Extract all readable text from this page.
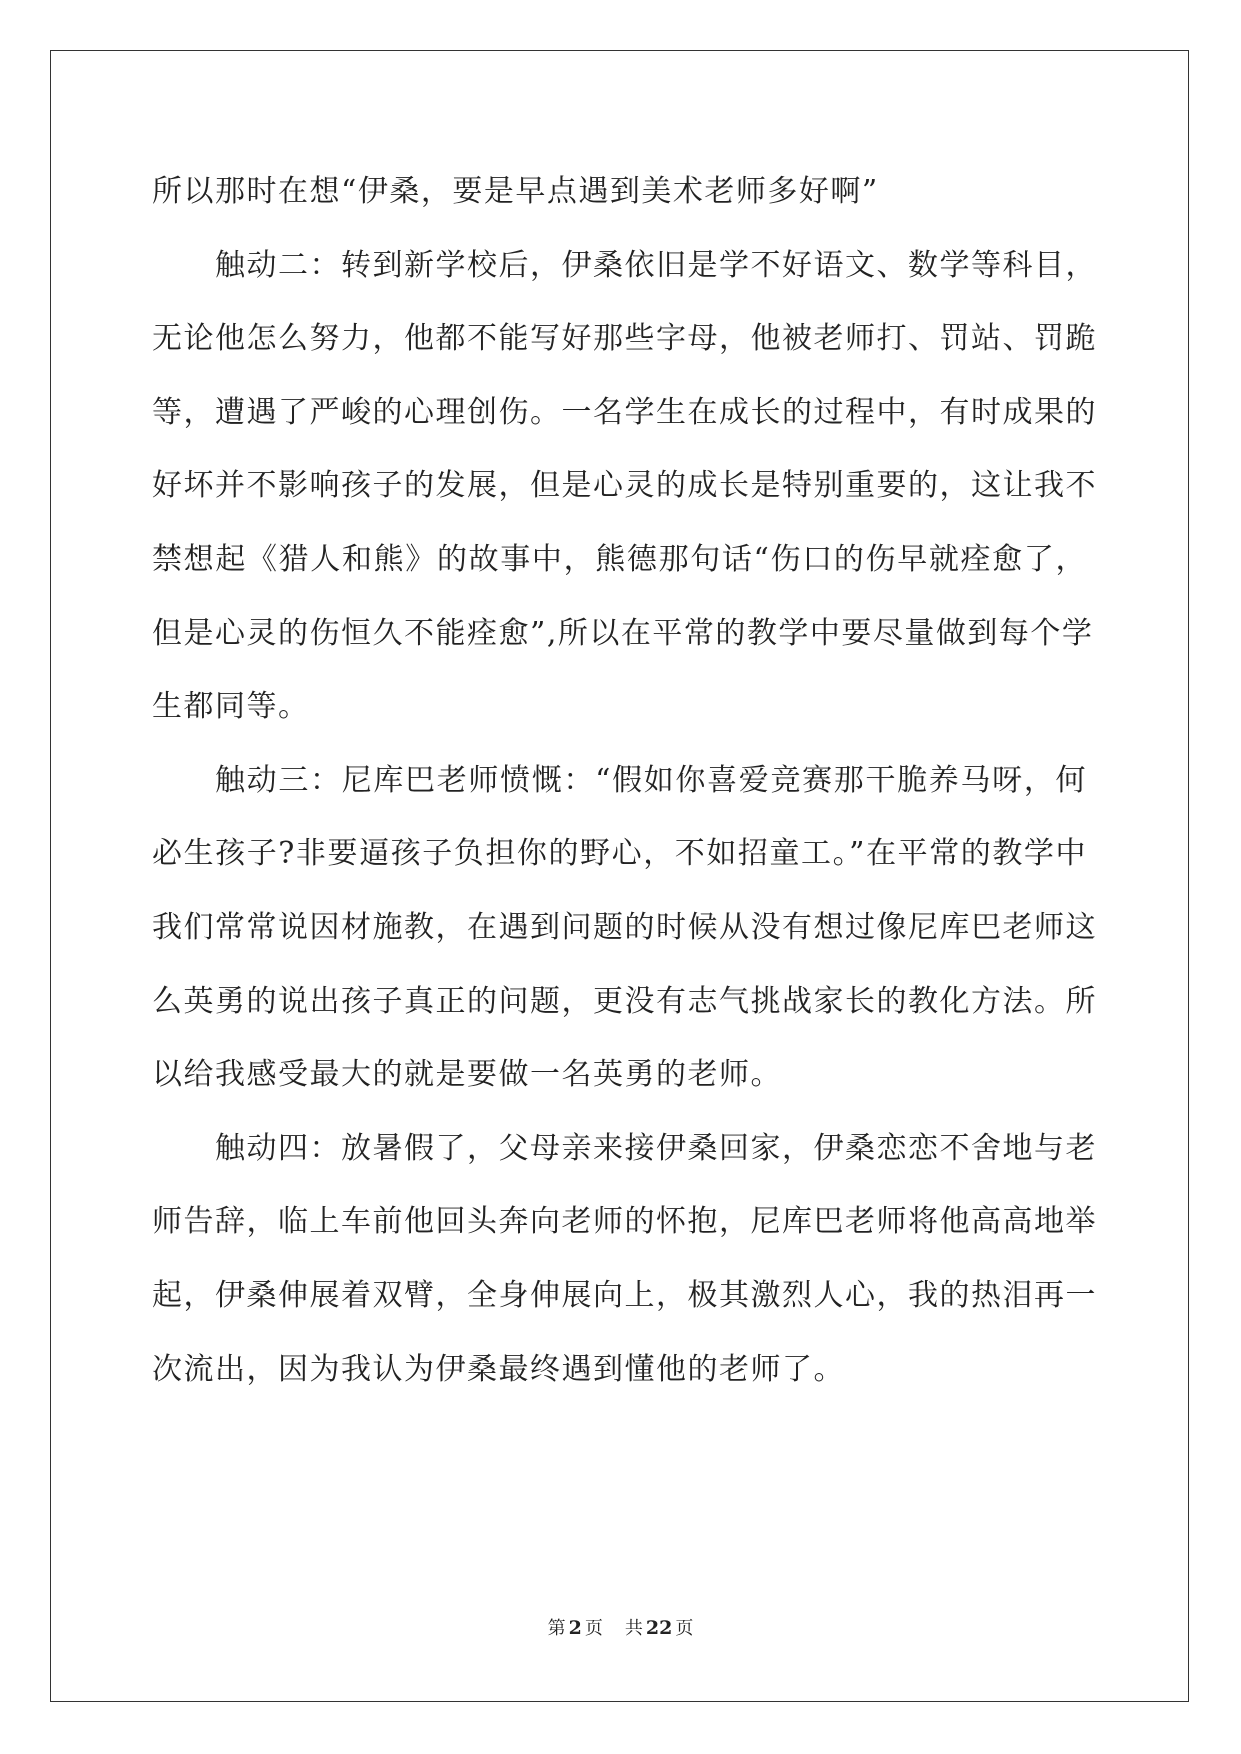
所以那时在想“伊桑，要是早点遇到美术老师多好啊”
触动二：转到新学校后，伊桑依旧是学不好语文、数学等科目，
无论他怎么努力，他都不能写好那些字母，他被老师打、罚站、罚跪
等，遭遇了严峻的心理创伤。一名学生在成长的过程中，有时成果的
好坏并不影响孩子的发展，但是心灵的成长是特别重要的，这让我不
禁想起《猎人和熊》的故事中，熊德那句话“伤口的伤早就痊愈了，
但是心灵的伤恒久不能痊愈”,所以在平常的教学中要尽量做到每个学
生都同等。
触动三：尼库巴老师愤慨：“假如你喜爱竞赛那干脆养马呀，何
必生孩子?非要逼孩子负担你的野心，不如招童工。”在平常的教学中
我们常常说因材施教，在遇到问题的时候从没有想过像尼库巴老师这
么英勇的说出孩子真正的问题，更没有志气挑战家长的教化方法。所
以给我感受最大的就是要做一名英勇的老师。
触动四：放暑假了，父母亲来接伊桑回家，伊桑恋恋不舍地与老
师告辞，临上车前他回头奔向老师的怀抱，尼库巴老师将他高高地举
起，伊桑伸展着双臂，全身伸展向上，极其激烈人心，我的热泪再一
次流出，因为我认为伊桑最终遇到懂他的老师了。
第 2 页 共 22 页
